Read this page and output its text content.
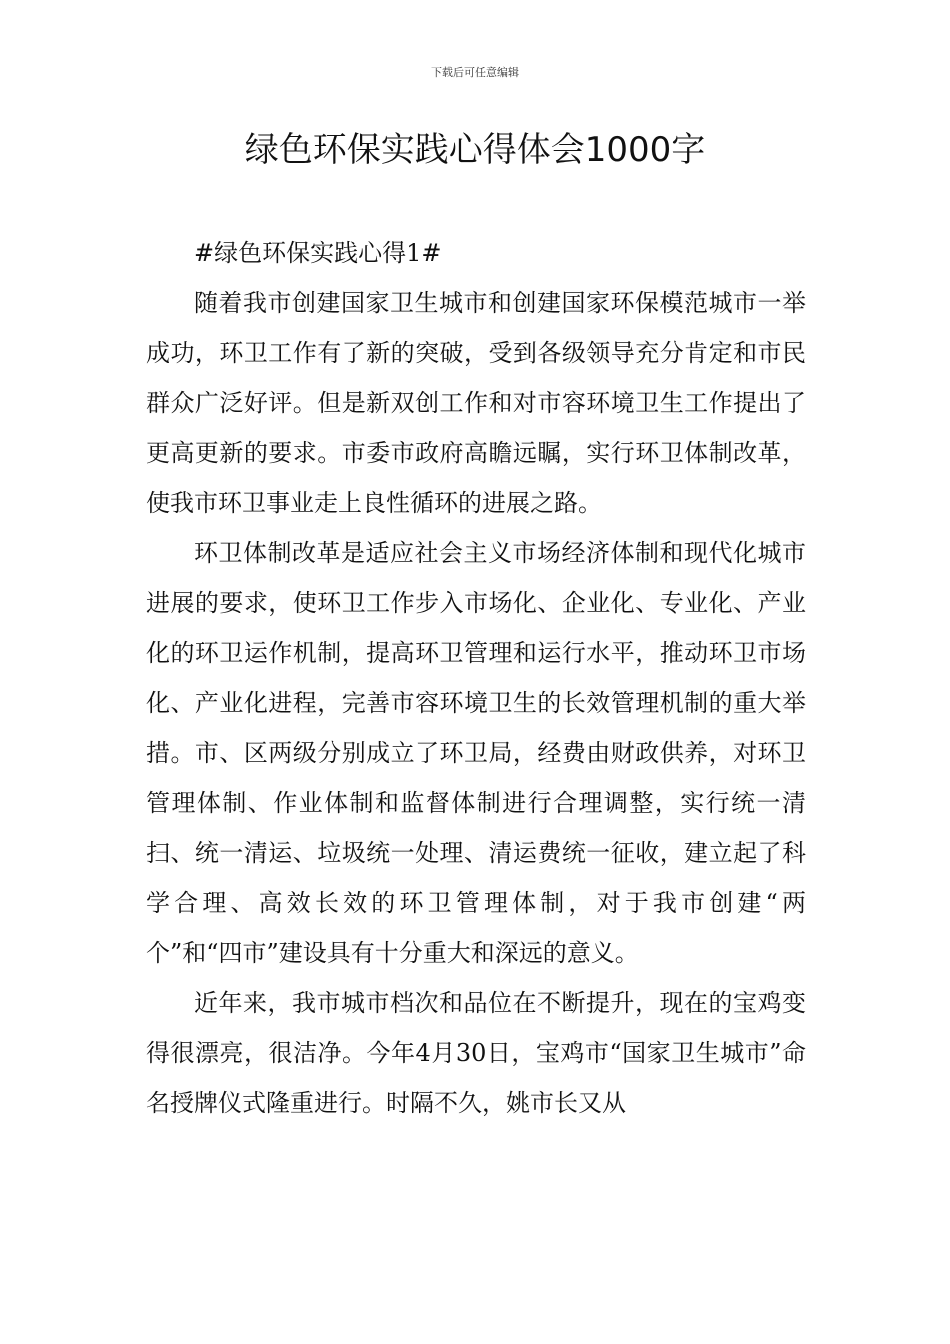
下载后可任意编辑
绿色环保实践心得体会1000字

#绿色环保实践心得1#

随着我市创建国家卫生城市和创建国家环保模范城市一举成功，环卫工作有了新的突破，受到各级领导充分肯定和市民群众广泛好评。但是新双创工作和对市容环境卫生工作提出了更高更新的要求。市委市政府高瞻远瞩，实行环卫体制改革，使我市环卫事业走上良性循环的进展之路。

环卫体制改革是适应社会主义市场经济体制和现代化城市进展的要求，使环卫工作步入市场化、企业化、专业化、产业化的环卫运作机制，提高环卫管理和运行水平，推动环卫市场化、产业化进程，完善市容环境卫生的长效管理机制的重大举措。市、区两级分别成立了环卫局，经费由财政供养，对环卫管理体制、作业体制和监督体制进行合理调整，实行统一清扫、统一清运、垃圾统一处理、清运费统一征收，建立起了科学合理、高效长效的环卫管理体制，对于我市创建“两个”和“四市”建设具有十分重大和深远的意义。

近年来，我市城市档次和品位在不断提升，现在的宝鸡变得很漂亮，很洁净。今年4月30日，宝鸡市“国家卫生城市”命名授牌仪式隆重进行。时隔不久，姚市长又从
